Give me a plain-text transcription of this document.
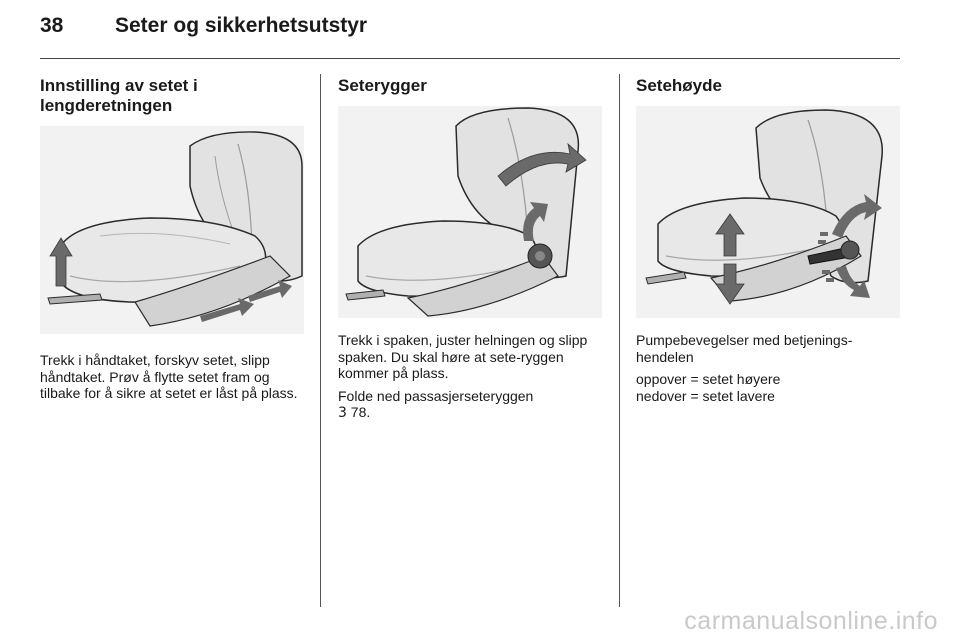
38	Seter og sikkerhetsutstyr
Innstilling av setet i
lengderetningen

Trekk i håndtaket, forskyv setet, slipp håndtaket. Prøv å flytte setet fram og tilbake for å sikre at setet er låst på plass.

Seterygger

Trekk i spaken, juster helningen og slipp spaken. Du skal høre at sete-ryggen kommer på plass.

Folde ned passasjerseteryggen
3 78.

Setehøyde

Pumpebevegelser med betjenings-hendelen

oppover = setet høyere
nedover = setet lavere

carmanualsonline.info
